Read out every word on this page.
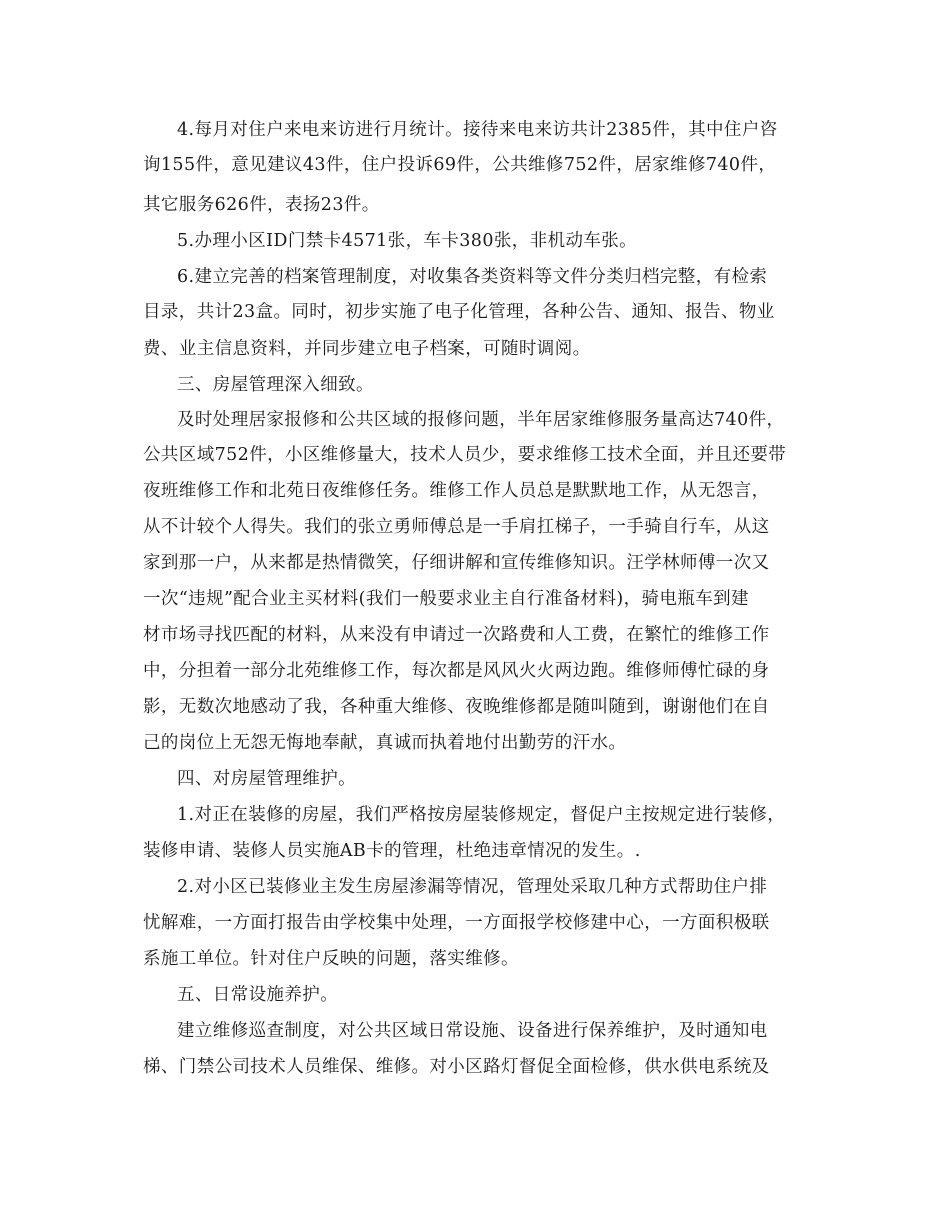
4.每月对住户来电来访进行月统计。接待来电来访共计2385件，其中住户咨
询155件，意见建议43件，住户投诉69件，公共维修752件，居家维修740件，
其它服务626件，表扬23件。
5.办理小区ID门禁卡4571张，车卡380张，非机动车张。
6.建立完善的档案管理制度，对收集各类资料等文件分类归档完整，有检索
目录，共计23盒。同时，初步实施了电子化管理，各种公告、通知、报告、物业
费、业主信息资料，并同步建立电子档案，可随时调阅。
三、房屋管理深入细致。
及时处理居家报修和公共区域的报修问题，半年居家维修服务量高达740件，
公共区域752件，小区维修量大，技术人员少，要求维修工技术全面，并且还要带
夜班维修工作和北苑日夜维修任务。维修工作人员总是默默地工作，从无怨言，
从不计较个人得失。我们的张立勇师傅总是一手肩扛梯子，一手骑自行车，从这
家到那一户，从来都是热情微笑，仔细讲解和宣传维修知识。汪学林师傅一次又
一次“违规”配合业主买材料(我们一般要求业主自行准备材料)，骑电瓶车到建
材市场寻找匹配的材料，从来没有申请过一次路费和人工费，在繁忙的维修工作
中，分担着一部分北苑维修工作，每次都是风风火火两边跑。维修师傅忙碌的身
影，无数次地感动了我，各种重大维修、夜晚维修都是随叫随到，谢谢他们在自
己的岗位上无怨无悔地奉献，真诚而执着地付出勤劳的汗水。
四、对房屋管理维护。
1.对正在装修的房屋，我们严格按房屋装修规定，督促户主按规定进行装修，
装修申请、装修人员实施AB卡的管理，杜绝违章情况的发生。.
2.对小区已装修业主发生房屋渗漏等情况，管理处采取几种方式帮助住户排
忧解难，一方面打报告由学校集中处理，一方面报学校修建中心，一方面积极联
系施工单位。针对住户反映的问题，落实维修。
五、日常设施养护。
建立维修巡查制度，对公共区域日常设施、设备进行保养维护，及时通知电
梯、门禁公司技术人员维保、维修。对小区路灯督促全面检修，供水供电系统及
